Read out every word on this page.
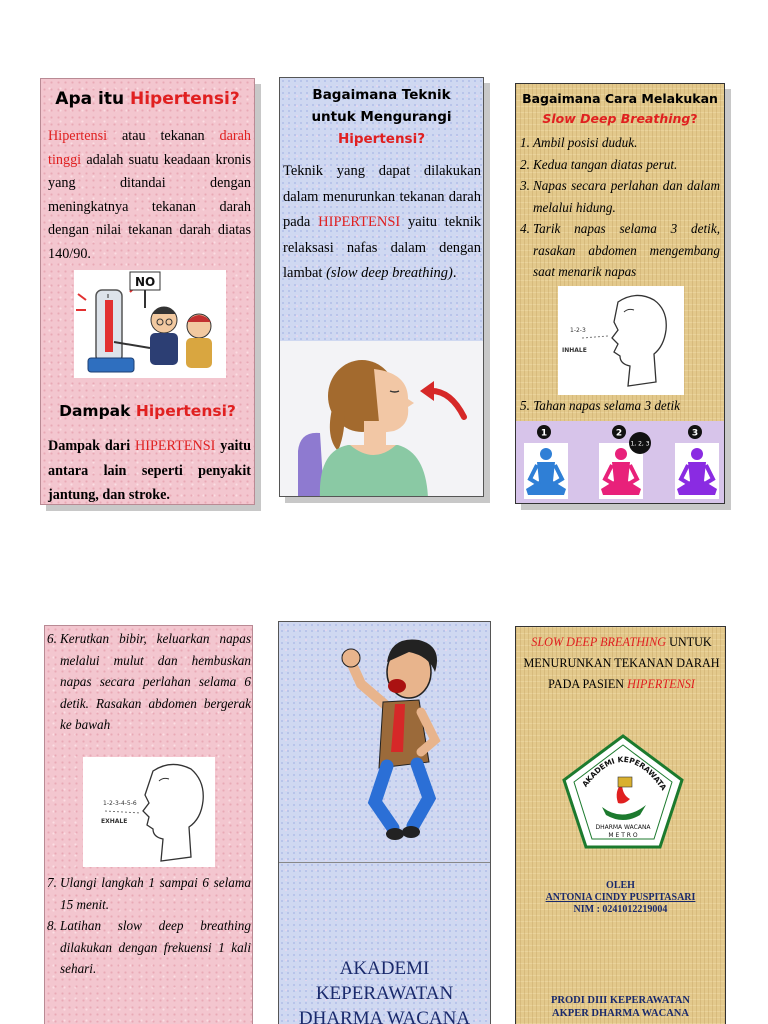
Apa itu Hipertensi?
Hipertensi atau tekanan darah tinggi adalah suatu keadaan kronis yang ditandai dengan meningkatnya tekanan darah dengan nilai tekanan darah diatas 140/90.
NO
Dampak Hipertensi?
Dampak dari HIPERTENSI yaitu antara lain seperti penyakit jantung, dan stroke.
Bagaimana Teknik
untuk Mengurangi
Hipertensi?
Teknik yang dapat dilakukan dalam menurunkan tekanan darah pada HIPERTENSI yaitu teknik relaksasi nafas dalam dengan lambat (slow deep breathing).
Bagaimana Cara Melakukan
Slow Deep Breathing?
1. Ambil posisi duduk.
2. Kedua tangan diatas perut.
3. Napas secara perlahan dan dalam melalui hidung.
4. Tarik napas selama 3 detik, rasakan abdomen mengembang saat menarik napas
1-2-3
INHALE
5. Tahan napas selama 3 detik
1	2	3
1, 2, 3
6. Kerutkan bibir, keluarkan napas melalui mulut dan hembuskan napas secara perlahan selama 6 detik. Rasakan abdomen bergerak ke bawah
1-2-3-4-5-6
EXHALE
7. Ulangi langkah 1 sampai 6 selama 15 menit.
8. Latihan slow deep breathing dilakukan dengan frekuensi 1 kali sehari.	AKADEMI
KEPERAWATAN
DHARMA WACANA
SLOW DEEP BREATHING UNTUK MENURUNKAN TEKANAN DARAH PADA PASIEN HIPERTENSI
AKADEMI KEPERAWATA
DHARMA WACANA
M E T R O
OLEH
ANTONIA CINDY PUSPITASARI
NIM : 0241012219004
PRODI DIII KEPERAWATAN
AKPER DHARMA WACANA
